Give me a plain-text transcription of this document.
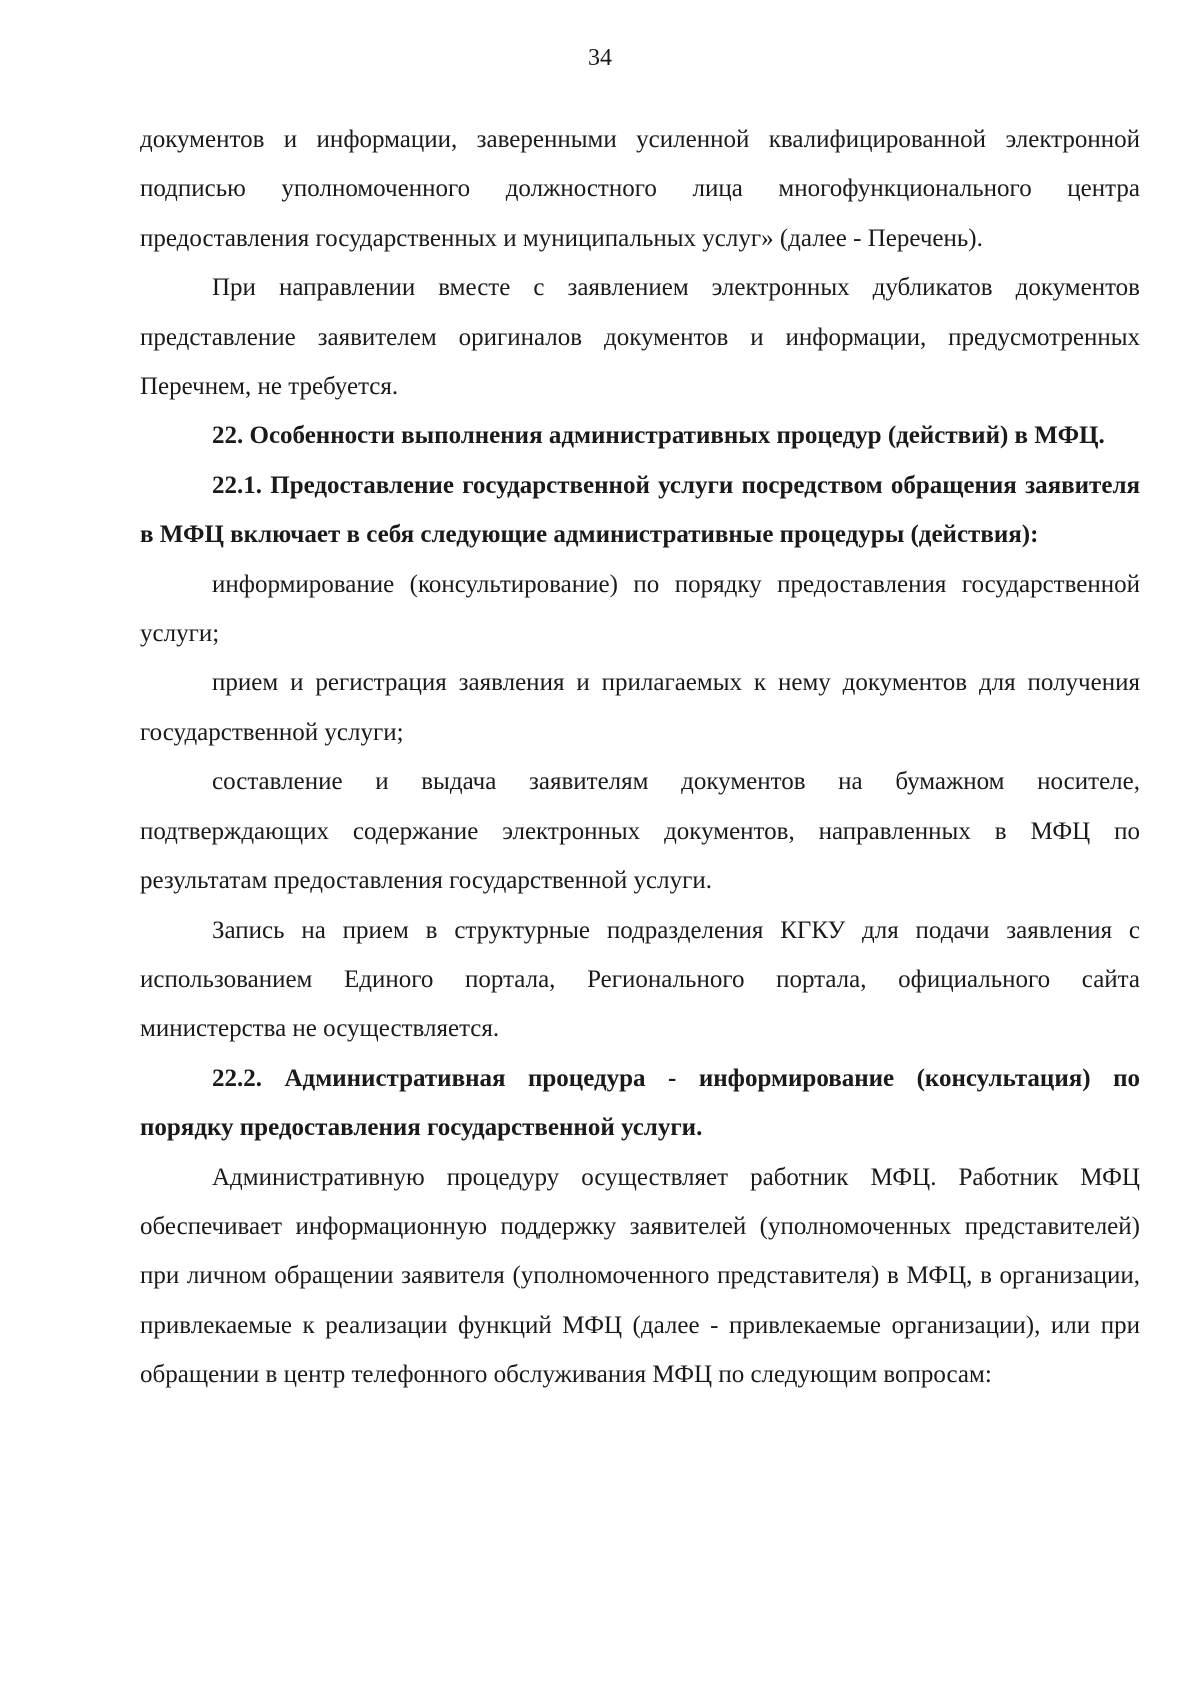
34

документов и информации, заверенными усиленной квалифицированной электронной подписью уполномоченного должностного лица многофункционального центра предоставления государственных и муниципальных услуг» (далее - Перечень).

При направлении вместе с заявлением электронных дубликатов документов представление заявителем оригиналов документов и информации, предусмотренных Перечнем, не требуется.

22. Особенности выполнения административных процедур (действий) в МФЦ.

22.1. Предоставление государственной услуги посредством обращения заявителя в МФЦ включает в себя следующие административные процедуры (действия):

информирование (консультирование) по порядку предоставления государственной услуги;

прием и регистрация заявления и прилагаемых к нему документов для получения государственной услуги;

составление и выдача заявителям документов на бумажном носителе, подтверждающих содержание электронных документов, направленных в МФЦ по результатам предоставления государственной услуги.

Запись на прием в структурные подразделения КГКУ для подачи заявления с использованием Единого портала, Регионального портала, официального сайта министерства не осуществляется.

22.2. Административная процедура - информирование (консультация) по порядку предоставления государственной услуги.

Административную процедуру осуществляет работник МФЦ. Работник МФЦ обеспечивает информационную поддержку заявителей (уполномоченных представителей) при личном обращении заявителя (уполномоченного представителя) в МФЦ, в организации, привлекаемые к реализации функций МФЦ (далее - привлекаемые организации), или при обращении в центр телефонного обслуживания МФЦ по следующим вопросам:
